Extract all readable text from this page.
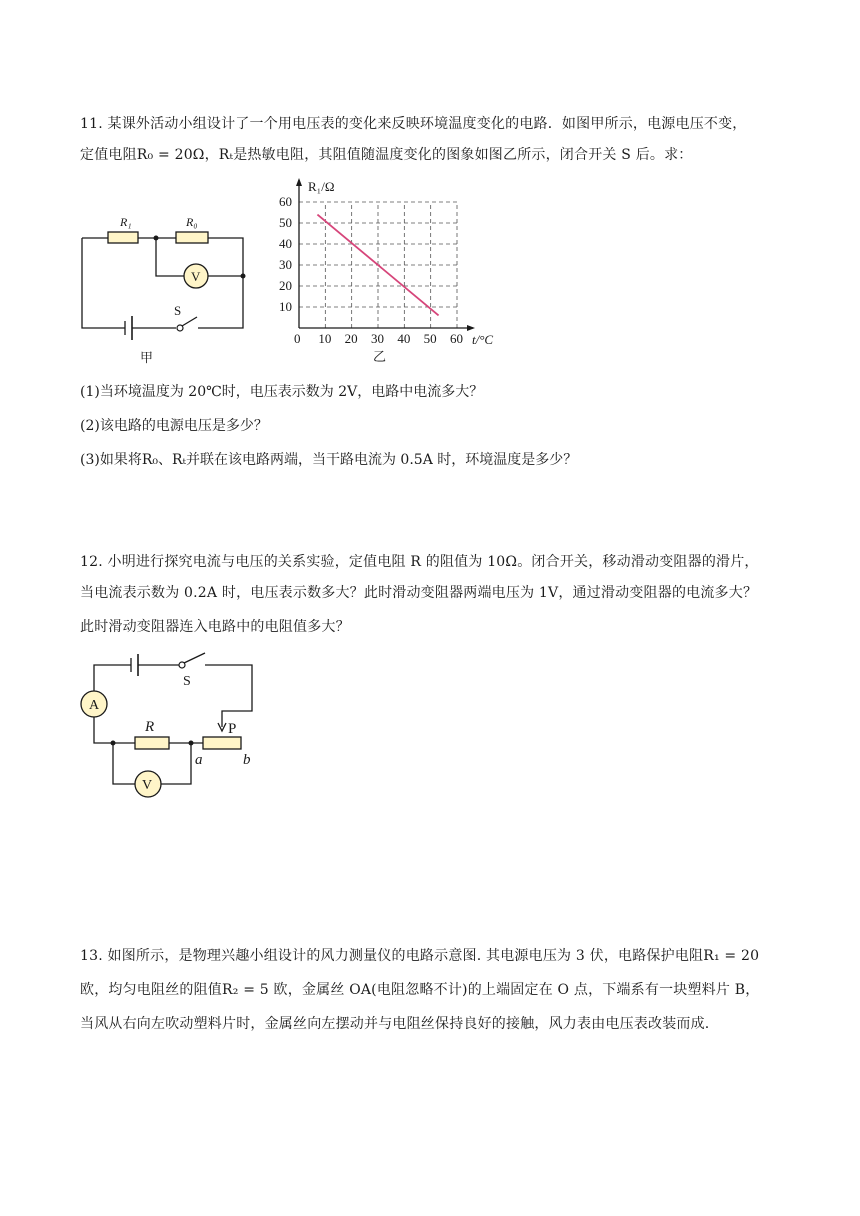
11. 某课外活动小组设计了一个用电压表的变化来反映环境温度变化的电路．如图甲所示，电源电压不变，
定值电阻R₀ = 20Ω，Rₜ是热敏电阻，其阻值随温度变化的图象如图乙所示，闭合开关 S 后。求：
R₁	R₀
V
S
甲
10 20 30 40 50 60
10
20
30
40
50
60
R₁/Ω
t/°C
0
乙
(1)当环境温度为 20℃时，电压表示数为 2V，电路中电流多大？
(2)该电路的电源电压是多少？
(3)如果将R₀、Rₜ并联在该电路两端，当干路电流为 0.5A 时，环境温度是多少？
12. 小明进行探究电流与电压的关系实验，定值电阻 R 的阻值为 10Ω。闭合开关，移动滑动变阻器的滑片，
当电流表示数为 0.2A 时，电压表示数多大？此时滑动变阻器两端电压为 1V，通过滑动变阻器的电流多大？
此时滑动变阻器连入电路中的电阻值多大？
A
S
R	P
a	b
V
13. 如图所示，是物理兴趣小组设计的风力测量仪的电路示意图. 其电源电压为 3 伏，电路保护电阻R₁ = 20
欧，均匀电阻丝的阻值R₂ = 5 欧，金属丝 OA(电阻忽略不计)的上端固定在 O 点，下端系有一块塑料片 B，
当风从右向左吹动塑料片时，金属丝向左摆动并与电阻丝保持良好的接触，风力表由电压表改装而成.
